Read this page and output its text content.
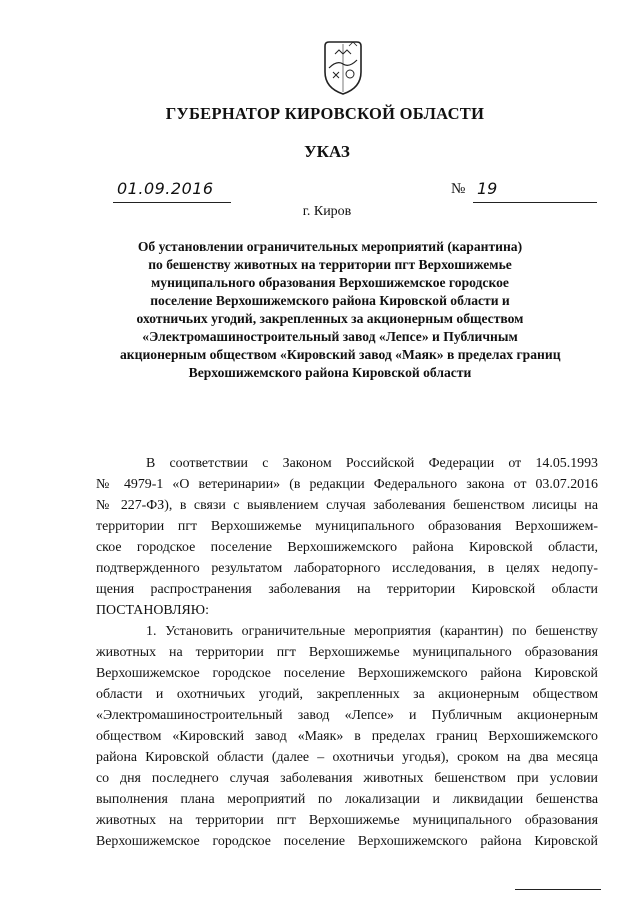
ГУБЕРНАТОР КИРОВСКОЙ ОБЛАСТИ
УКАЗ
01.09.2016	№ 19
г. Киров
Об установлении ограничительных мероприятий (карантина)
по бешенству животных на территории пгт Верхошижемье
муниципального образования Верхошижемское городское
поселение Верхошижемского района Кировской области и
охотничьих угодий, закрепленных за акционерным обществом
«Электромашиностроительный завод «Лепсе» и Публичным
акционерным обществом «Кировский завод «Маяк» в пределах границ
Верхошижемского района Кировской области
В соответствии с Законом Российской Федерации от 14.05.1993
№ 4979-1 «О ветеринарии» (в редакции Федерального закона от 03.07.2016
№ 227-ФЗ), в связи с выявлением случая заболевания бешенством лисицы на
территории пгт Верхошижемье муниципального образования Верхошижем-
ское городское поселение Верхошижемского района Кировской области,
подтвержденного результатом лабораторного исследования, в целях недопу-
щения распространения заболевания на территории Кировской области
ПОСТАНОВЛЯЮ:
1. Установить ограничительные мероприятия (карантин) по бешенству
животных на территории пгт Верхошижемье муниципального образования
Верхошижемское городское поселение Верхошижемского района Кировской
области и охотничьих угодий, закрепленных за акционерным обществом
«Электромашиностроительный завод «Лепсе» и Публичным акционерным
обществом «Кировский завод «Маяк» в пределах границ Верхошижемского
района Кировской области (далее – охотничьи угодья), сроком на два месяца
со дня последнего случая заболевания животных бешенством при условии
выполнения плана мероприятий по локализации и ликвидации бешенства
животных на территории пгт Верхошижемье муниципального образования
Верхошижемское городское поселение Верхошижемского района Кировской
